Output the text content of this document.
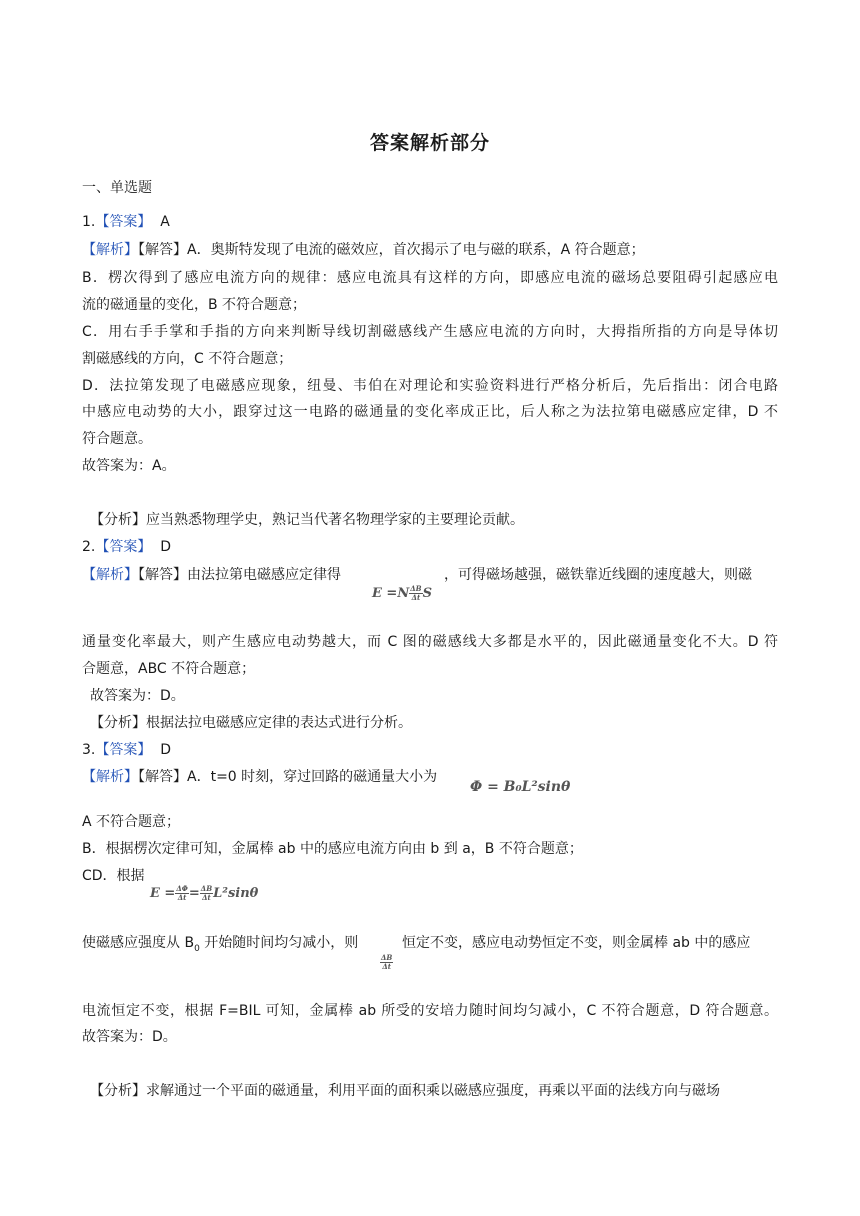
答案解析部分
一、单选题
1.【答案】 A
【解析】【解答】A．奥斯特发现了电流的磁效应，首次揭示了电与磁的联系，A 符合题意；
B．楞次得到了感应电流方向的规律：感应电流具有这样的方向，即感应电流的磁场总要阻碍引起感应电
流的磁通量的变化，B 不符合题意；
C．用右手手掌和手指的方向来判断导线切割磁感线产生感应电流的方向时，大拇指所指的方向是导体切
割磁感线的方向，C 不符合题意；
D．法拉第发现了电磁感应现象，纽曼、韦伯在对理论和实验资料进行严格分析后，先后指出：闭合电路
中感应电动势的大小，跟穿过这一电路的磁通量的变化率成正比，后人称之为法拉第电磁感应定律，D 不
符合题意。
故答案为：A。
【分析】应当熟悉物理学史，熟记当代著名物理学家的主要理论贡献。
2.【答案】 D
【解析】【解答】由法拉第电磁感应定律得	，可得磁场越强，磁铁靠近线圈的速度越大，则磁
$E =N \frac{\Delta B}{\Delta t}$ S
通量变化率最大，则产生感应电动势越大，而 C 图的磁感线大多都是水平的，因此磁通量变化不大。D 符
合题意，ABC 不符合题意；
故答案为：D。
【分析】根据法拉电磁感应定律的表达式进行分析。
3.【答案】 D
【解析】【解答】A．t=0 时刻，穿过回路的磁通量大小为
Φ = B₀L²sinθ
A 不符合题意；
B．根据楞次定律可知，金属棒 ab 中的感应电流方向由 b 到 a，B 不符合题意；
CD．根据
$E = \frac{\Delta\Phi}{\Delta t} = \frac{\Delta B}{\Delta t} L^2\sin\theta$
使磁感应强度从 $B_0$ 开始随时间均匀减小，则	恒定不变，感应电动势恒定不变，则金属棒 ab 中的感应
$\frac{\Delta B}{\Delta t}$
电流恒定不变，根据 F=BIL 可知，金属棒 ab 所受的安培力随时间均匀减小，C 不符合题意，D 符合题意。
故答案为：D。
【分析】求解通过一个平面的磁通量，利用平面的面积乘以磁感应强度，再乘以平面的法线方向与磁场
